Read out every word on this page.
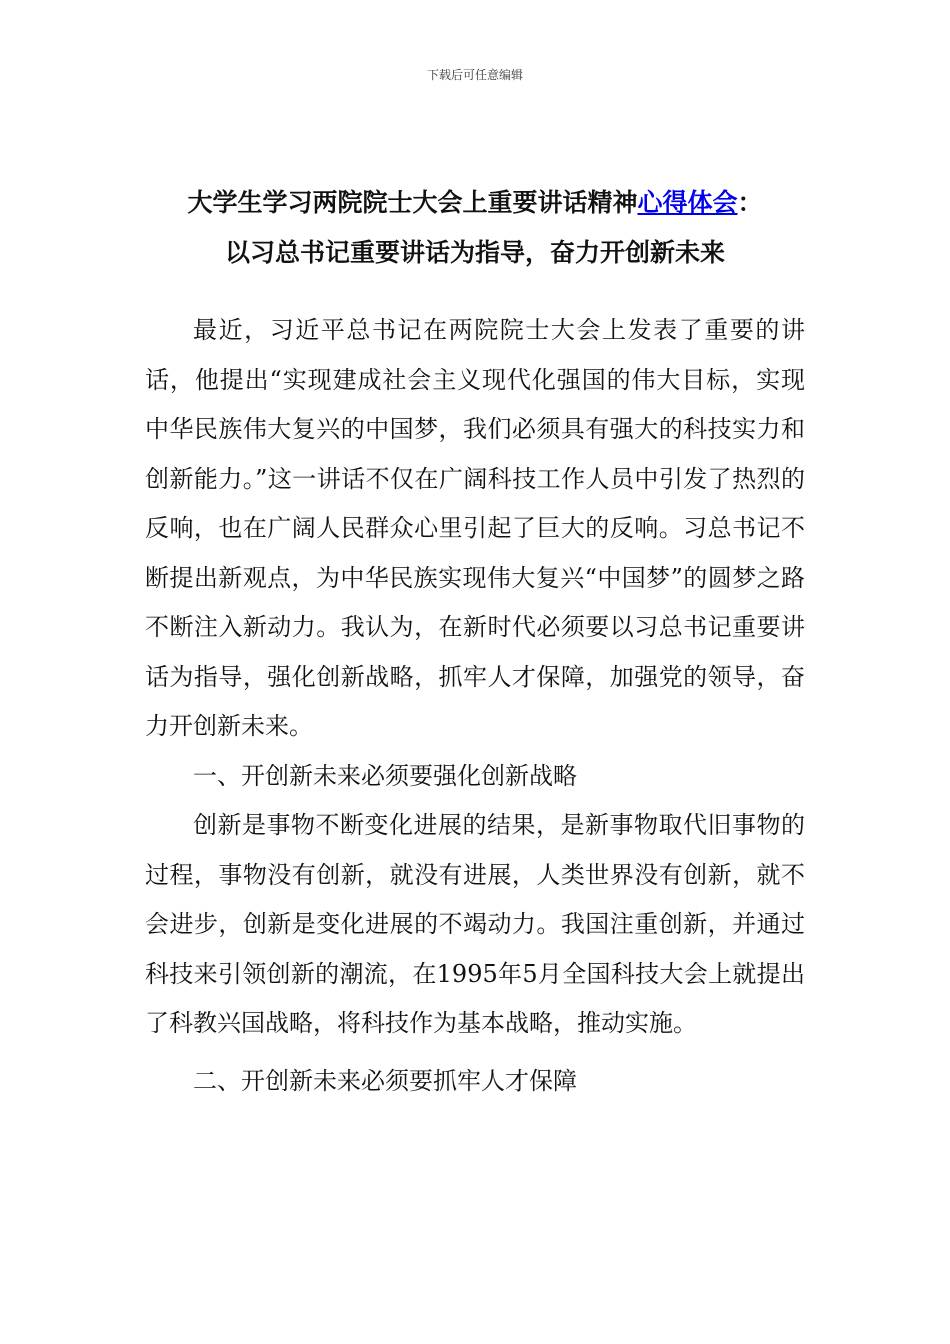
下载后可任意编辑
大学生学习两院院士大会上重要讲话精神心得体会：
以习总书记重要讲话为指导，奋力开创新未来

最近，习近平总书记在两院院士大会上发表了重要的讲话，他提出“实现建成社会主义现代化强国的伟大目标，实现中华民族伟大复兴的中国梦，我们必须具有强大的科技实力和创新能力。”这一讲话不仅在广阔科技工作人员中引发了热烈的反响，也在广阔人民群众心里引起了巨大的反响。习总书记不断提出新观点，为中华民族实现伟大复兴“中国梦”的圆梦之路不断注入新动力。我认为，在新时代必须要以习总书记重要讲话为指导，强化创新战略，抓牢人才保障，加强党的领导，奋力开创新未来。

一、开创新未来必须要强化创新战略

创新是事物不断变化进展的结果，是新事物取代旧事物的过程，事物没有创新，就没有进展，人类世界没有创新，就不会进步，创新是变化进展的不竭动力。我国注重创新，并通过科技来引领创新的潮流，在1995年5月全国科技大会上就提出了科教兴国战略，将科技作为基本战略，推动实施。

二、开创新未来必须要抓牢人才保障
